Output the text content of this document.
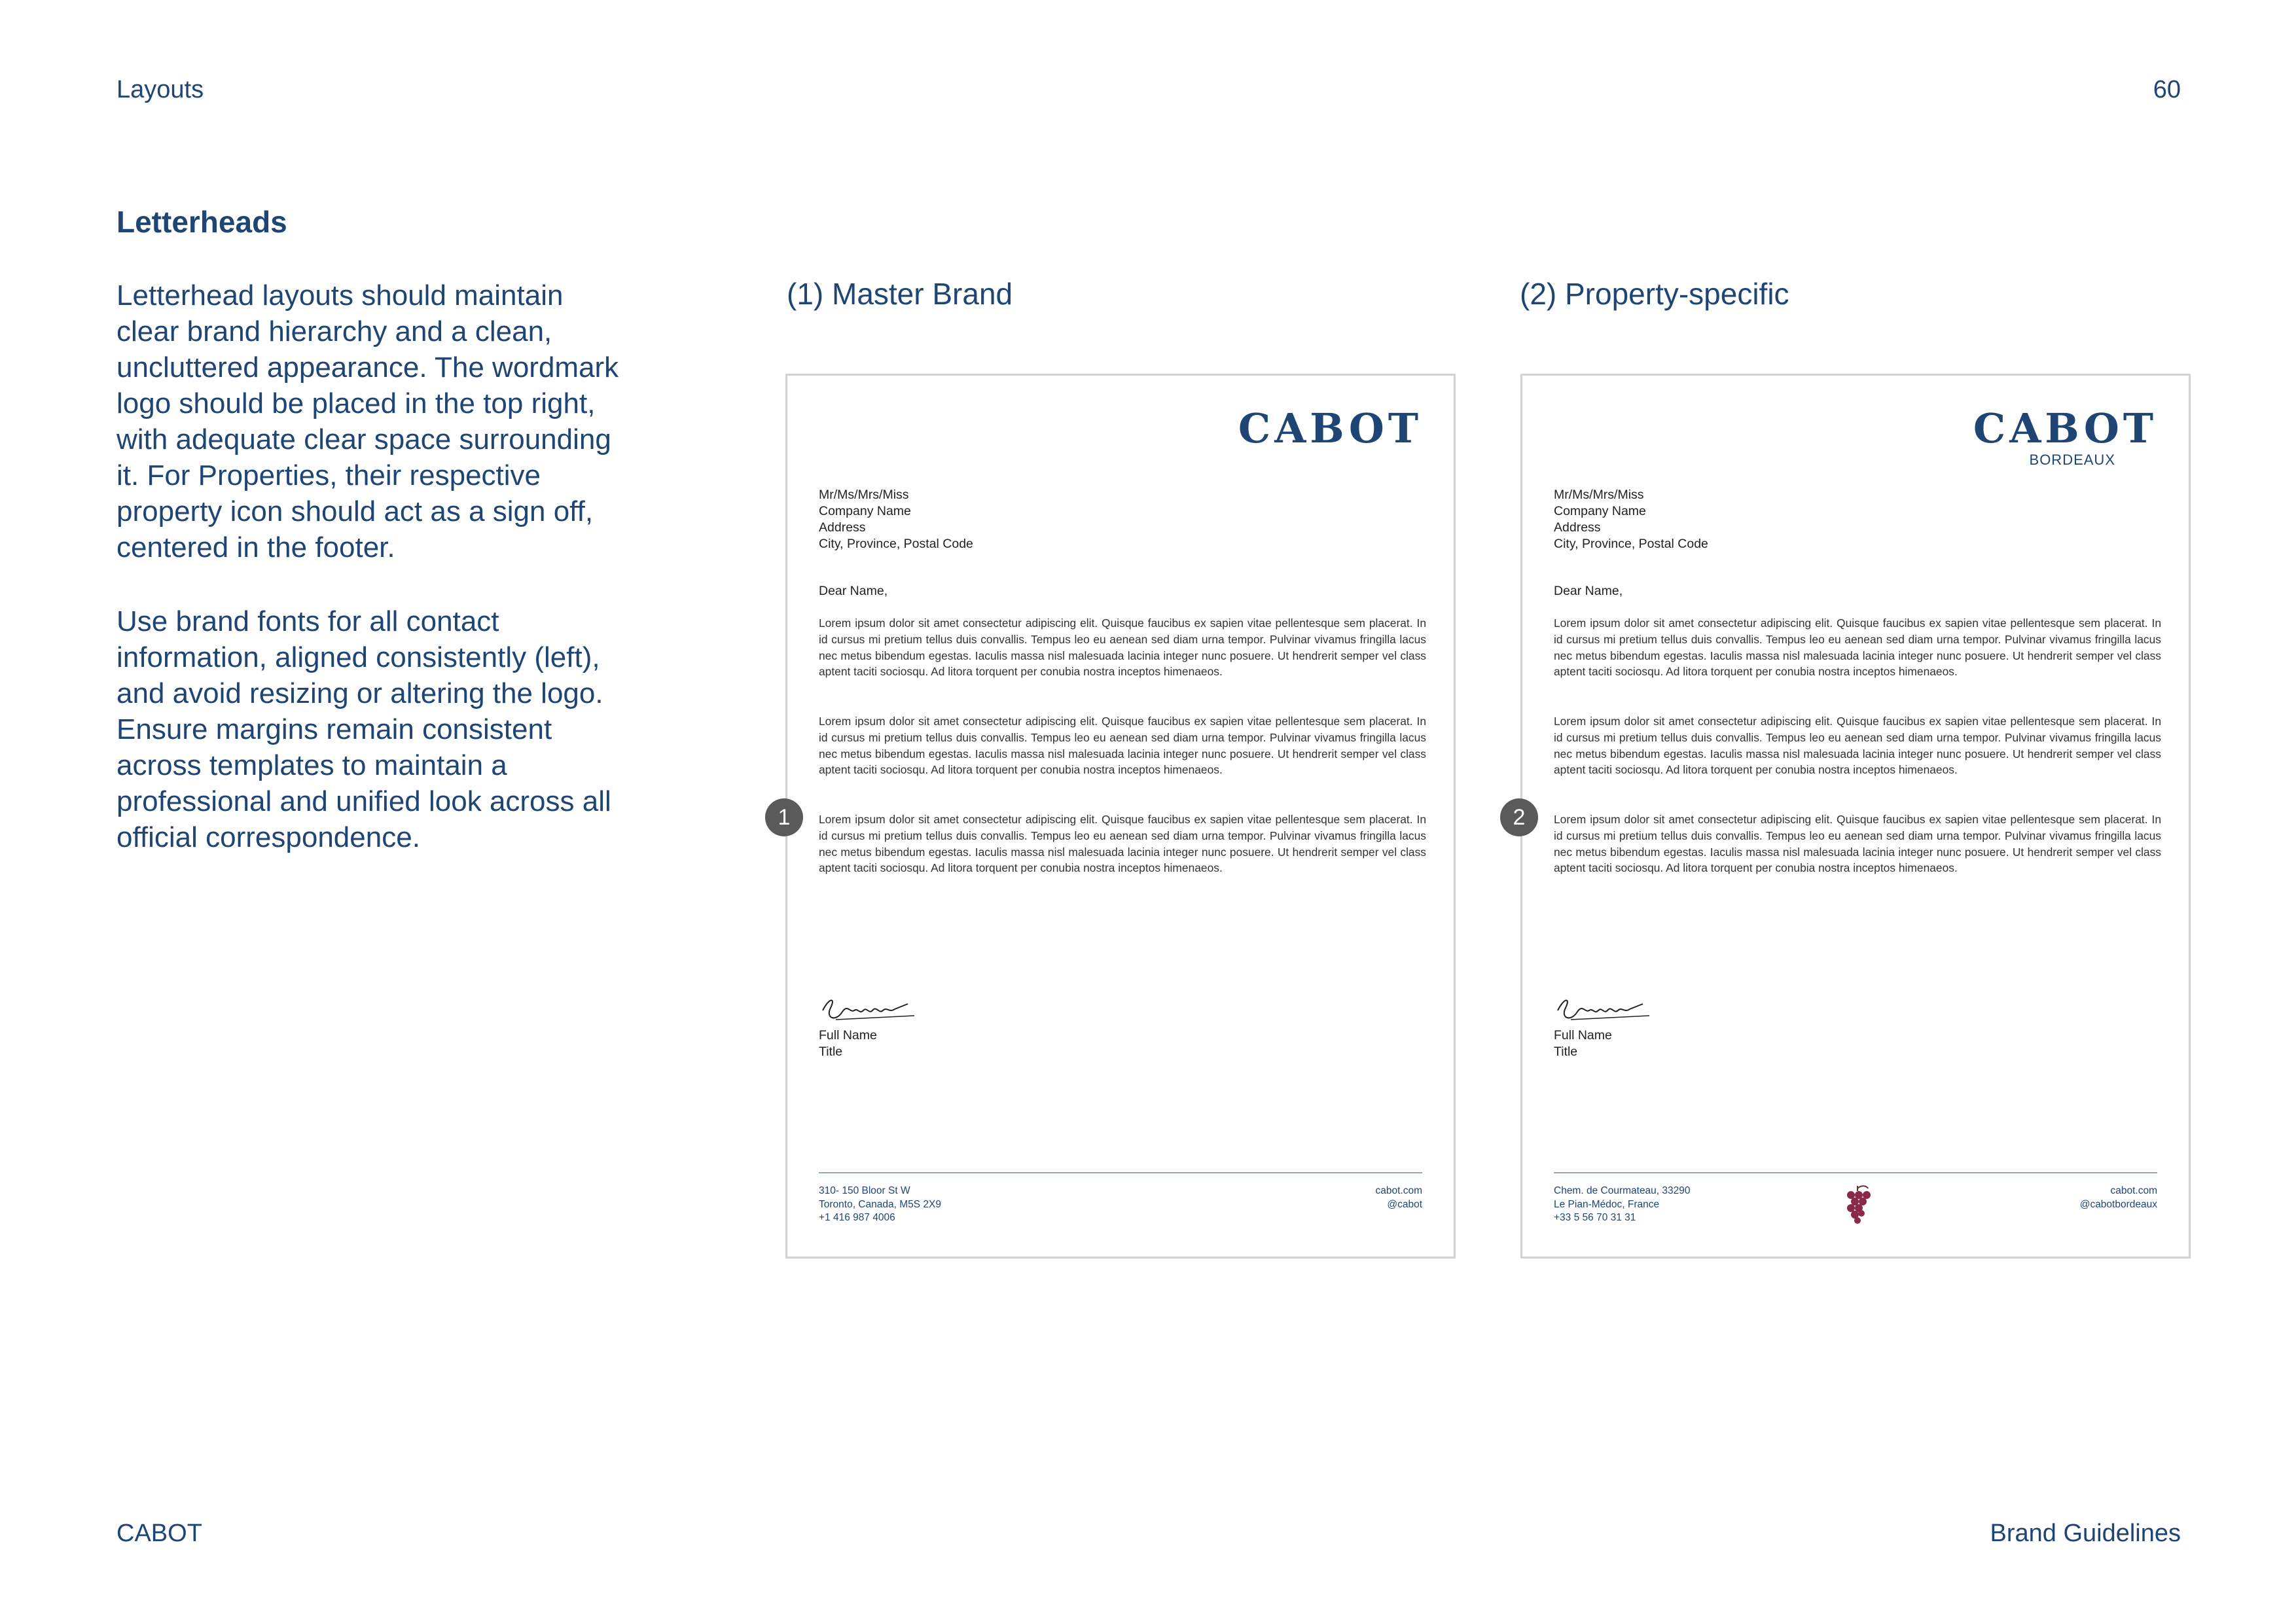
Layouts	60
Letterheads
Letterhead layouts should maintain clear brand hierarchy and a clean, uncluttered appearance. The wordmark logo should be placed in the top right, with adequate clear space surrounding it. For Properties, their respective property icon should act as a sign off, centered in the footer.
Use brand fonts for all contact information, aligned consistently (left), and avoid resizing or altering the logo. Ensure margins remain consistent across templates to maintain a professional and unified look across all official correspondence.
(1) Master Brand	(2) Property-specific
CABOT
Mr/Ms/Mrs/Miss
Company Name
Address
City, Province, Postal Code
Dear Name,
Lorem ipsum dolor sit amet consectetur adipiscing elit. Quisque faucibus ex sapien vitae pellentesque sem placerat. In id cursus mi pretium tellus duis convallis. Tempus leo eu aenean sed diam urna tempor. Pulvinar vivamus fringilla lacus nec metus bibendum egestas. Iaculis massa nisl malesuada lacinia integer nunc posuere. Ut hendrerit semper vel class aptent taciti sociosqu. Ad litora torquent per conubia nostra inceptos himenaeos.
Lorem ipsum dolor sit amet consectetur adipiscing elit. Quisque faucibus ex sapien vitae pellentesque sem placerat. In id cursus mi pretium tellus duis convallis. Tempus leo eu aenean sed diam urna tempor. Pulvinar vivamus fringilla lacus nec metus bibendum egestas. Iaculis massa nisl malesuada lacinia integer nunc posuere. Ut hendrerit semper vel class aptent taciti sociosqu. Ad litora torquent per conubia nostra inceptos himenaeos.
Lorem ipsum dolor sit amet consectetur adipiscing elit. Quisque faucibus ex sapien vitae pellentesque sem placerat. In id cursus mi pretium tellus duis convallis. Tempus leo eu aenean sed diam urna tempor. Pulvinar vivamus fringilla lacus nec metus bibendum egestas. Iaculis massa nisl malesuada lacinia integer nunc posuere. Ut hendrerit semper vel class aptent taciti sociosqu. Ad litora torquent per conubia nostra inceptos himenaeos.
Full Name
Title
310- 150 Bloor St W
Toronto, Canada, M5S 2X9
+1 416 987 4006
cabot.com
@cabot
CABOT
BORDEAUX
Mr/Ms/Mrs/Miss
Company Name
Address
City, Province, Postal Code
Dear Name,
Lorem ipsum dolor sit amet consectetur adipiscing elit. Quisque faucibus ex sapien vitae pellentesque sem placerat. In id cursus mi pretium tellus duis convallis. Tempus leo eu aenean sed diam urna tempor. Pulvinar vivamus fringilla lacus nec metus bibendum egestas. Iaculis massa nisl malesuada lacinia integer nunc posuere. Ut hendrerit semper vel class aptent taciti sociosqu. Ad litora torquent per conubia nostra inceptos himenaeos.
Lorem ipsum dolor sit amet consectetur adipiscing elit. Quisque faucibus ex sapien vitae pellentesque sem placerat. In id cursus mi pretium tellus duis convallis. Tempus leo eu aenean sed diam urna tempor. Pulvinar vivamus fringilla lacus nec metus bibendum egestas. Iaculis massa nisl malesuada lacinia integer nunc posuere. Ut hendrerit semper vel class aptent taciti sociosqu. Ad litora torquent per conubia nostra inceptos himenaeos.
Lorem ipsum dolor sit amet consectetur adipiscing elit. Quisque faucibus ex sapien vitae pellentesque sem placerat. In id cursus mi pretium tellus duis convallis. Tempus leo eu aenean sed diam urna tempor. Pulvinar vivamus fringilla lacus nec metus bibendum egestas. Iaculis massa nisl malesuada lacinia integer nunc posuere. Ut hendrerit semper vel class aptent taciti sociosqu. Ad litora torquent per conubia nostra inceptos himenaeos.
Full Name
Title
Chem. de Courmateau, 33290
Le Pian-Médoc, France
+33 5 56 70 31 31
cabot.com
@cabotbordeaux
1	2
CABOT	Brand Guidelines
